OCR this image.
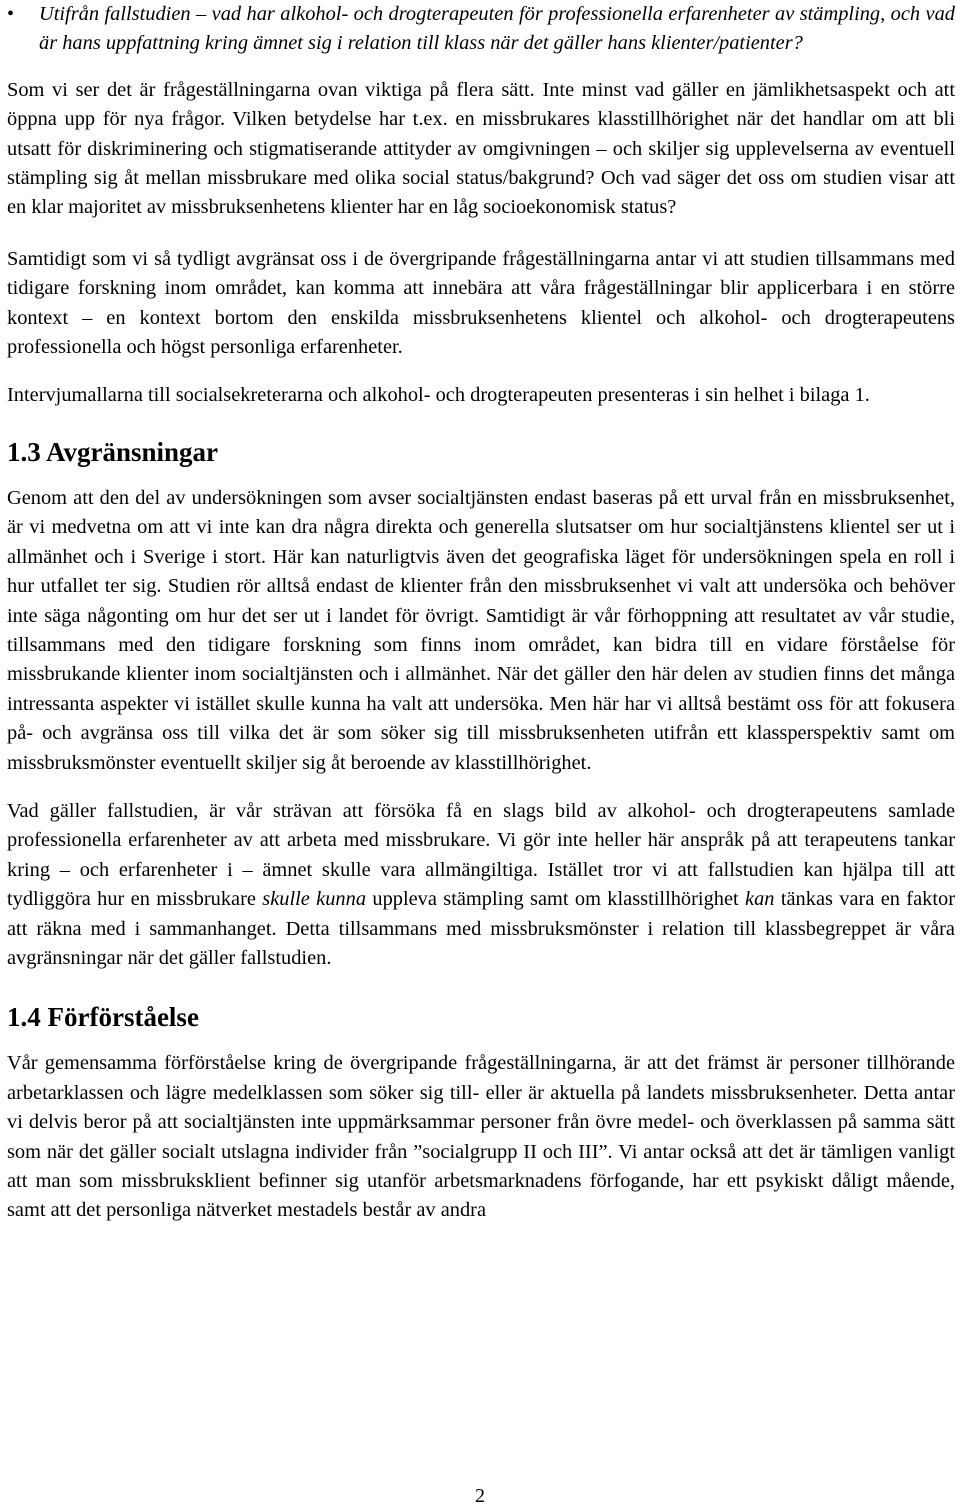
• Utifrån fallstudien – vad har alkohol- och drogterapeuten för professionella erfarenheter av stämpling, och vad är hans uppfattning kring ämnet sig i relation till klass när det gäller hans klienter/patienter?

Som vi ser det är frågeställningarna ovan viktiga på flera sätt. Inte minst vad gäller en jämlikhetsaspekt och att öppna upp för nya frågor. Vilken betydelse har t.ex. en missbrukares klasstillhörighet när det handlar om att bli utsatt för diskriminering och stigmatiserande attityder av omgivningen – och skiljer sig upplevelserna av eventuell stämpling sig åt mellan missbrukare med olika social status/bakgrund? Och vad säger det oss om studien visar att en klar majoritet av missbruksenhetens klienter har en låg socioekonomisk status?

Samtidigt som vi så tydligt avgränsat oss i de övergripande frågeställningarna antar vi att studien tillsammans med tidigare forskning inom området, kan komma att innebära att våra frågeställningar blir applicerbara i en större kontext – en kontext bortom den enskilda missbruksenhetens klientel och alkohol- och drogterapeutens professionella och högst personliga erfarenheter.

Intervjumallarna till socialsekreterarna och alkohol- och drogterapeuten presenteras i sin helhet i bilaga 1.

1.3 Avgränsningar

Genom att den del av undersökningen som avser socialtjänsten endast baseras på ett urval från en missbruksenhet, är vi medvetna om att vi inte kan dra några direkta och generella slutsatser om hur socialtjänstens klientel ser ut i allmänhet och i Sverige i stort. Här kan naturligtvis även det geografiska läget för undersökningen spela en roll i hur utfallet ter sig. Studien rör alltså endast de klienter från den missbruksenhet vi valt att undersöka och behöver inte säga någonting om hur det ser ut i landet för övrigt. Samtidigt är vår förhoppning att resultatet av vår studie, tillsammans med den tidigare forskning som finns inom området, kan bidra till en vidare förståelse för missbrukande klienter inom socialtjänsten och i allmänhet. När det gäller den här delen av studien finns det många intressanta aspekter vi istället skulle kunna ha valt att undersöka. Men här har vi alltså bestämt oss för att fokusera på- och avgränsa oss till vilka det är som söker sig till missbruksenheten utifrån ett klassperspektiv samt om missbruksmönster eventuellt skiljer sig åt beroende av klasstillhörighet.

Vad gäller fallstudien, är vår strävan att försöka få en slags bild av alkohol- och drogterapeutens samlade professionella erfarenheter av att arbeta med missbrukare. Vi gör inte heller här anspråk på att terapeutens tankar kring – och erfarenheter i – ämnet skulle vara allmängiltiga. Istället tror vi att fallstudien kan hjälpa till att tydliggöra hur en missbrukare skulle kunna uppleva stämpling samt om klasstillhörighet kan tänkas vara en faktor att räkna med i sammanhanget. Detta tillsammans med missbruksmönster i relation till klassbegreppet är våra avgränsningar när det gäller fallstudien.

1.4 Förförståelse

Vår gemensamma förförståelse kring de övergripande frågeställningarna, är att det främst är personer tillhörande arbetarklassen och lägre medelklassen som söker sig till- eller är aktuella på landets missbruksenheter. Detta antar vi delvis beror på att socialtjänsten inte uppmärksammar personer från övre medel- och överklassen på samma sätt som när det gäller socialt utslagna individer från ”socialgrupp II och III”. Vi antar också att det är tämligen vanligt att man som missbruksklient befinner sig utanför arbetsmarknadens förfogande, har ett psykiskt dåligt mående, samt att det personliga nätverket mestadels består av andra

2
